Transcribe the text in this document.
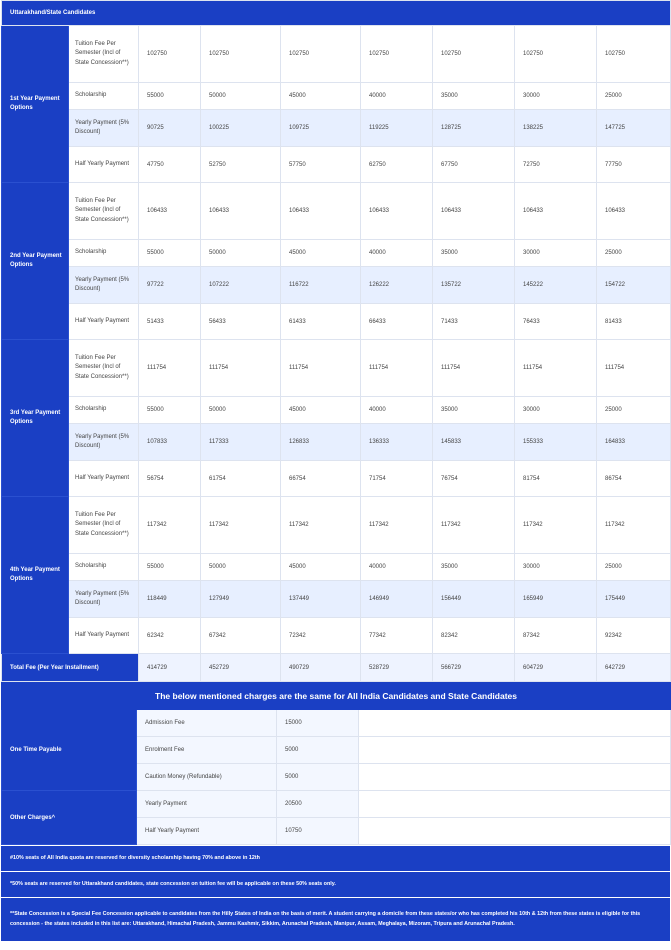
Uttarakhand/State Candidates								
1st Year Payment Options	Tuition Fee Per Semester (Incl of State Concession**)	102750	102750	102750	102750	102750	102750	102750
	Scholarship	55000	50000	45000	40000	35000	30000	25000
	Yearly Payment (5% Discount)	90725	100225	109725	119225	128725	138225	147725
	Half Yearly Payment	47750	52750	57750	62750	67750	72750	77750
2nd Year Payment Options	Tuition Fee Per Semester (Incl of State Concession**)	106433	106433	106433	106433	106433	106433	106433
	Scholarship	55000	50000	45000	40000	35000	30000	25000
	Yearly Payment (5% Discount)	97722	107222	116722	126222	135722	145222	154722
	Half Yearly Payment	51433	56433	61433	66433	71433	76433	81433
3rd Year Payment Options	Tuition Fee Per Semester (Incl of State Concession**)	111754	111754	111754	111754	111754	111754	111754
	Scholarship	55000	50000	45000	40000	35000	30000	25000
	Yearly Payment (5% Discount)	107833	117333	126833	136333	145833	155333	164833
	Half Yearly Payment	56754	61754	66754	71754	76754	81754	86754
4th Year Payment Options	Tuition Fee Per Semester (Incl of State Concession**)	117342	117342	117342	117342	117342	117342	117342
	Scholarship	55000	50000	45000	40000	35000	30000	25000
	Yearly Payment (5% Discount)	118449	127949	137449	146949	156449	165949	175449
	Half Yearly Payment	62342	67342	72342	77342	82342	87342	92342
Total Fee (Per Year Installment)		414729	452729	490729	528729	566729	604729	642729
The below mentioned charges are the same for All India Candidates and State Candidates			
One Time Payable	Admission Fee	15000	
	Enrolment Fee	5000	
	Caution Money (Refundable)	5000	
Other Charges^	Yearly Payment	20500	
	Half Yearly Payment	10750	

#10% seats of All India quota are reserved for diversity scholarship having 70% and above in 12th

*50% seats are reserved for Uttarakhand candidates, state concession on tuition fee will be applicable on these 50% seats only.

**State Concession is a Special Fee Concession applicable to candidates from the Hilly States of India on the basis of merit. A student carrying a domicile from these states/or who has completed his 10th & 12th from these states is eligible for this concession - the states included in this list are: Uttarakhand, Himachal Pradesh, Jammu Kashmir, Sikkim, Arunachal Pradesh, Manipur, Assam, Meghalaya, Mizoram, Tripura and Arunachal Pradesh.
